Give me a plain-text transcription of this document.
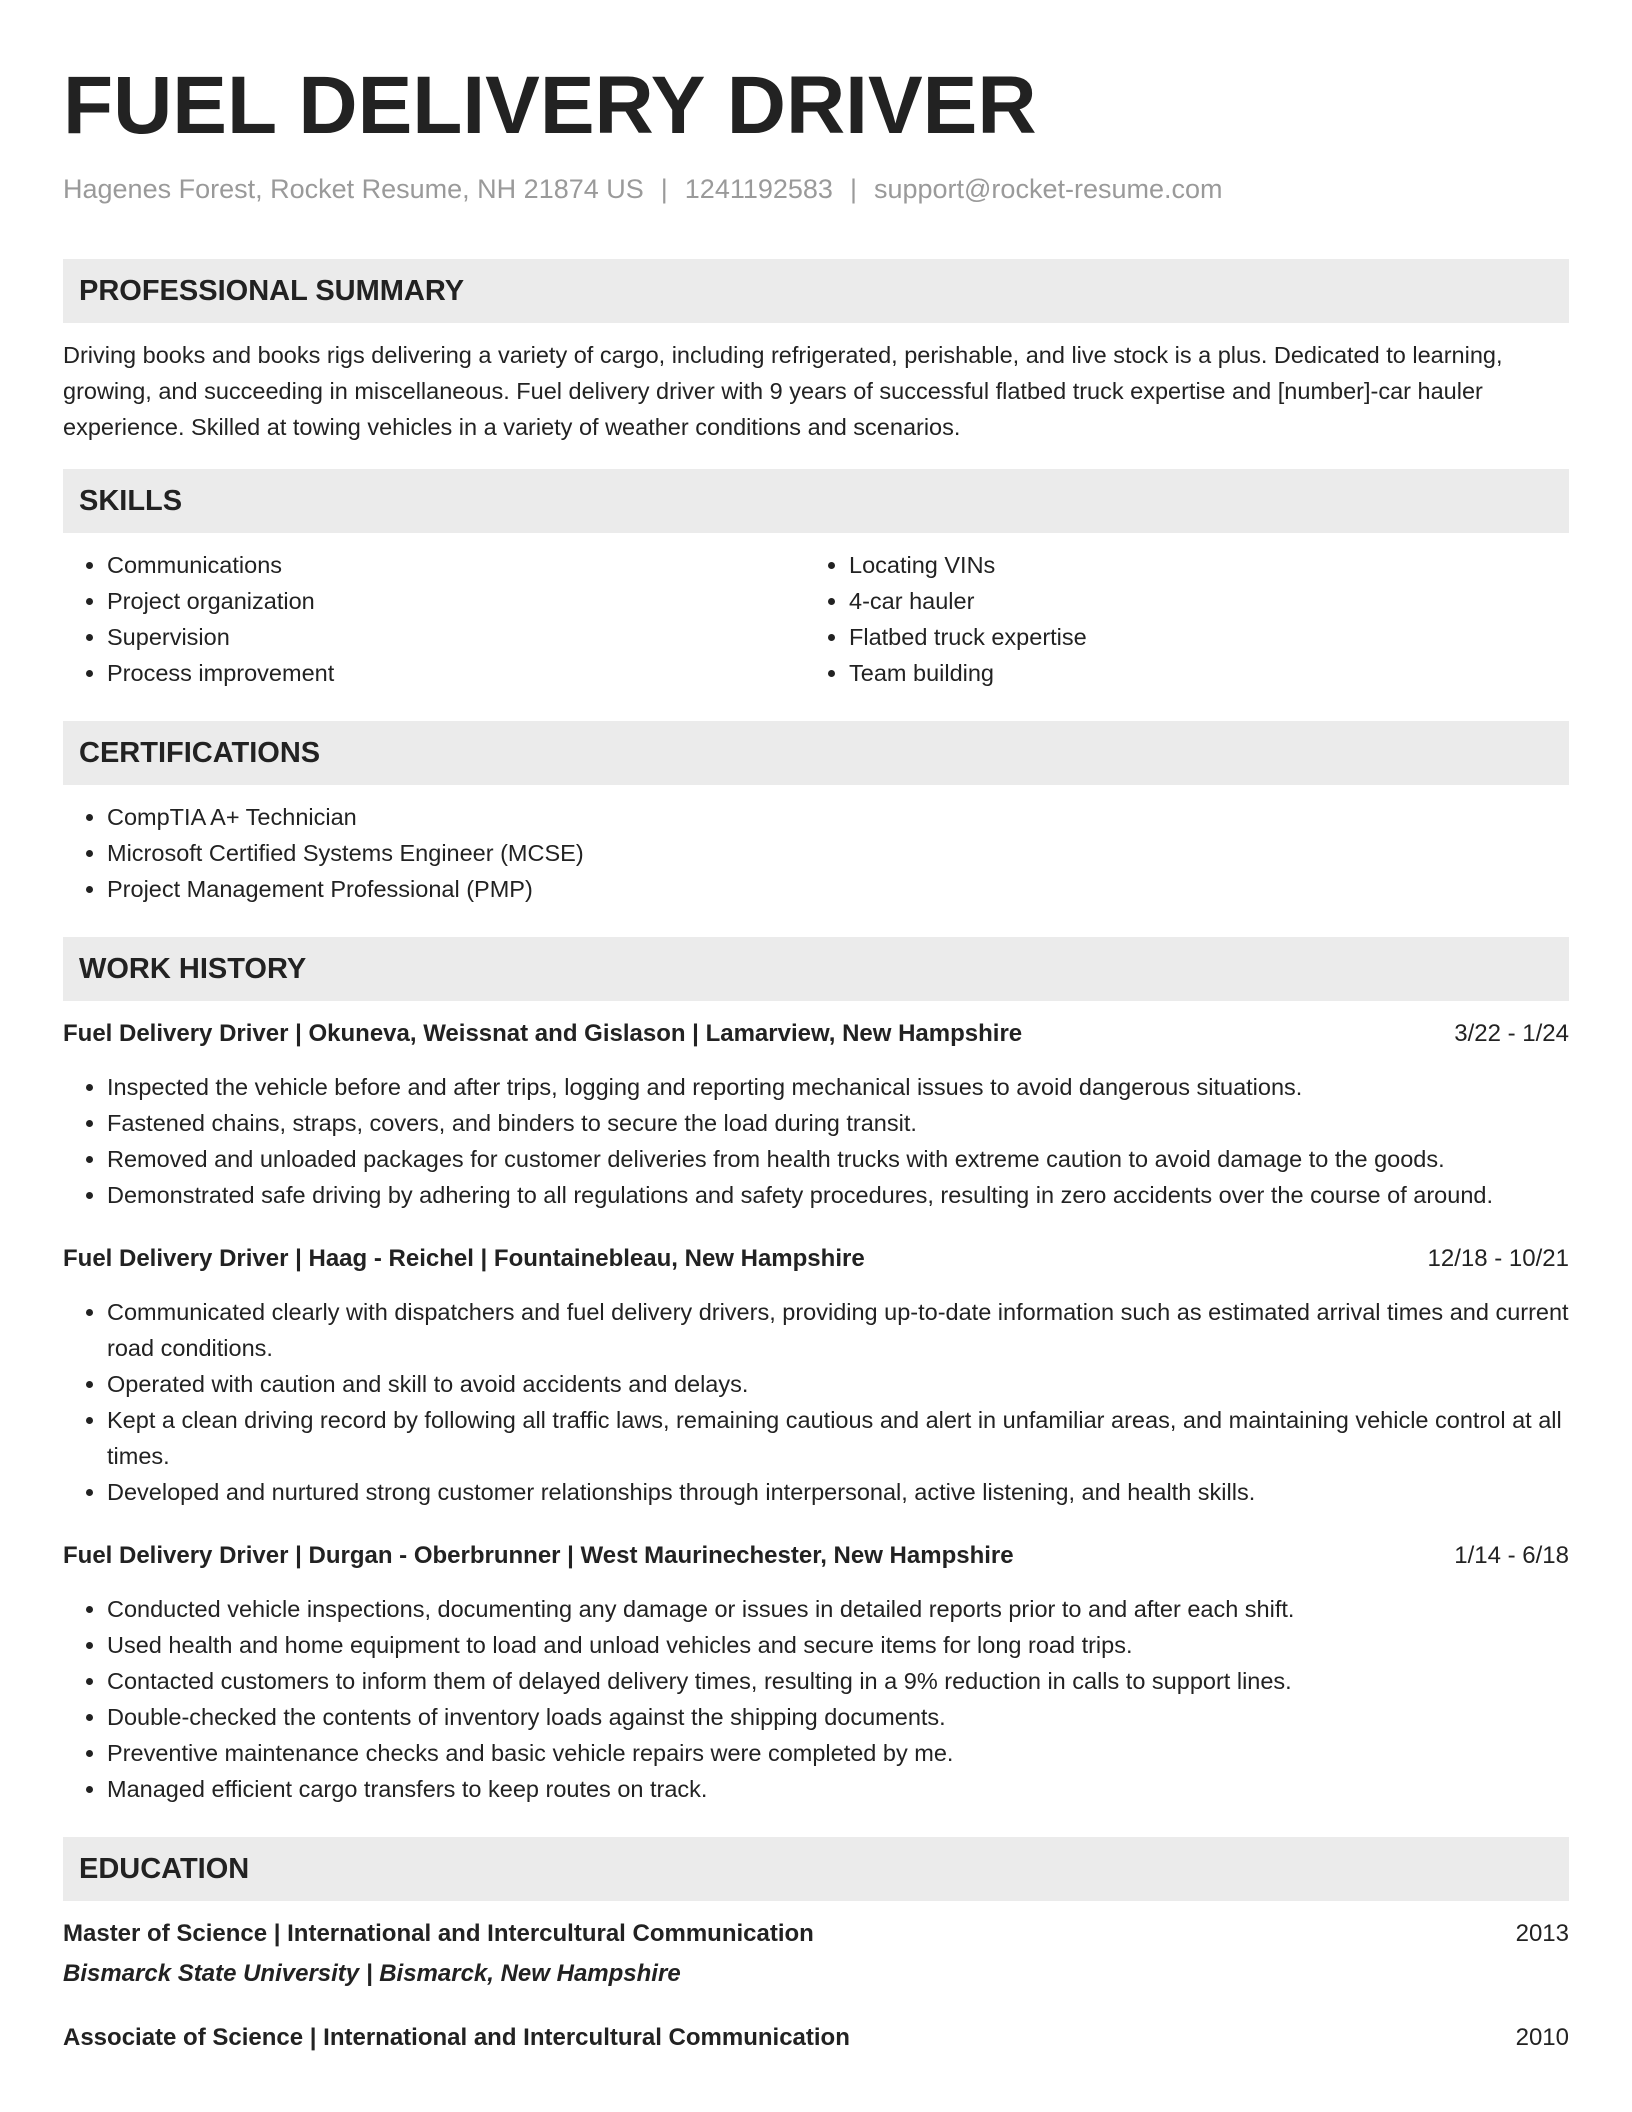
FUEL DELIVERY DRIVER
Hagenes Forest, Rocket Resume, NH 21874 US | 1241192583 | support@rocket-resume.com
PROFESSIONAL SUMMARY

Driving books and books rigs delivering a variety of cargo, including refrigerated, perishable, and live stock is a plus. Dedicated to learning, growing, and succeeding in miscellaneous. Fuel delivery driver with 9 years of successful flatbed truck expertise and [number]-car hauler experience. Skilled at towing vehicles in a variety of weather conditions and scenarios.

SKILLS
• Communications
• Project organization
• Supervision
• Process improvement
• Locating VINs
• 4-car hauler
• Flatbed truck expertise
• Team building
CERTIFICATIONS
• CompTIA A+ Technician
• Microsoft Certified Systems Engineer (MCSE)
• Project Management Professional (PMP)
WORK HISTORY
Fuel Delivery Driver | Okuneva, Weissnat and Gislason | Lamarview, New Hampshire	3/22 - 1/24
• Inspected the vehicle before and after trips, logging and reporting mechanical issues to avoid dangerous situations.
• Fastened chains, straps, covers, and binders to secure the load during transit.
• Removed and unloaded packages for customer deliveries from health trucks with extreme caution to avoid damage to the goods.
• Demonstrated safe driving by adhering to all regulations and safety procedures, resulting in zero accidents over the course of around.
Fuel Delivery Driver | Haag - Reichel | Fountainebleau, New Hampshire	12/18 - 10/21
• Communicated clearly with dispatchers and fuel delivery drivers, providing up-to-date information such as estimated arrival times and current road conditions.
• Operated with caution and skill to avoid accidents and delays.
• Kept a clean driving record by following all traffic laws, remaining cautious and alert in unfamiliar areas, and maintaining vehicle control at all times.
• Developed and nurtured strong customer relationships through interpersonal, active listening, and health skills.
Fuel Delivery Driver | Durgan - Oberbrunner | West Maurinechester, New Hampshire	1/14 - 6/18
• Conducted vehicle inspections, documenting any damage or issues in detailed reports prior to and after each shift.
• Used health and home equipment to load and unload vehicles and secure items for long road trips.
• Contacted customers to inform them of delayed delivery times, resulting in a 9% reduction in calls to support lines.
• Double-checked the contents of inventory loads against the shipping documents.
• Preventive maintenance checks and basic vehicle repairs were completed by me.
• Managed efficient cargo transfers to keep routes on track.
EDUCATION
Master of Science | International and Intercultural Communication	2013
Bismarck State University | Bismarck, New Hampshire
Associate of Science | International and Intercultural Communication	2010
